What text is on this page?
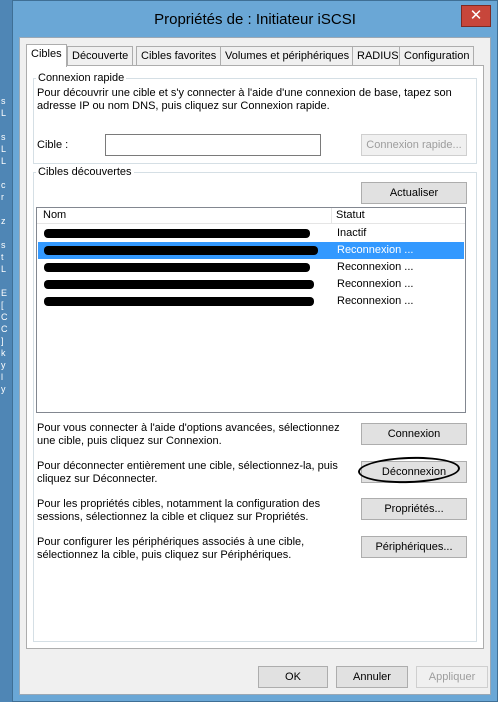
s
L

s
L
L

c
r

z

s
t
L

E
[
C
C
]
k
y
l
y
Propriétés de : Initiateur iSCSI	✕
Cibles Découverte	Cibles favorites Volumes et périphériques RADIUS Configuration
Connexion rapide
Pour découvrir une cible et s'y connecter à l'aide d'une connexion de base, tapez son adresse IP ou nom DNS, puis cliquez sur Connexion rapide.
Cible :	Connexion rapide...
Cibles découvertes
Actualiser
Nom	Statut
Inactif
Reconnexion ...
Reconnexion ...
Reconnexion ...
Reconnexion ...
Pour vous connecter à l'aide d'options avancées, sélectionnez une cible, puis cliquez sur Connexion.
Connexion
Pour déconnecter entièrement une cible, sélectionnez-la, puis cliquez sur Déconnecter.
Déconnexion
Pour les propriétés cibles, notamment la configuration des sessions, sélectionnez la cible et cliquez sur Propriétés.
Propriétés...
Pour configurer les périphériques associés à une cible, sélectionnez la cible, puis cliquez sur Périphériques.
Périphériques...
OK	Annuler	Appliquer
